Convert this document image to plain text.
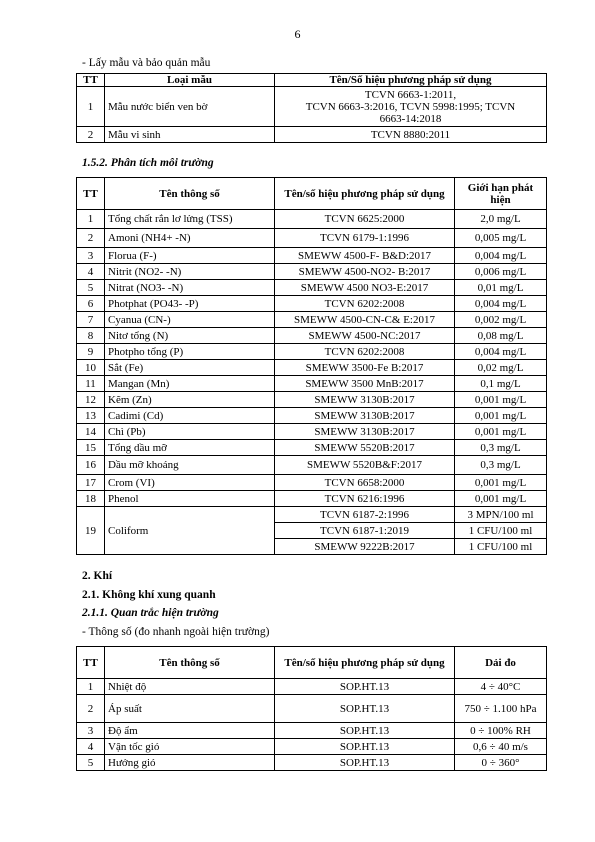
6
- Lấy mẫu và bảo quản mẫu
TT	Loại mẫu	Tên/Số hiệu phương pháp sử dụng
1	Mẫu nước biển ven bờ	TCVN 6663-1:2011,
TCVN 6663-3:2016, TCVN 5998:1995; TCVN
6663-14:2018

2	Mẫu vi sinh	TCVN 8880:2011
1.5.2. Phân tích môi trường
TT	Tên thông số	Tên/số hiệu phương pháp sử dụng	Giới hạn phát hiện
1	Tổng chất rắn lơ lửng (TSS)	TCVN 6625:2000	2,0 mg/L
2	Amoni (NH4+ -N)	TCVN 6179-1:1996	0,005 mg/L
3	Florua (F-)	SMEWW 4500-F- B&D:2017	0,004 mg/L
4	Nitrit (NO2- -N)	SMEWW 4500-NO2- B:2017	0,006 mg/L
5	Nitrat (NO3- -N)	SMEWW 4500 NO3-E:2017	0,01 mg/L
6	Photphat (PO43- -P)	TCVN 6202:2008	0,004 mg/L
7	Cyanua (CN-)	SMEWW 4500-CN-C& E:2017	0,002 mg/L
8	Nitơ tổng (N)	SMEWW 4500-NC:2017	0,08 mg/L
9	Photpho tổng (P)	TCVN 6202:2008	0,004 mg/L
10	Sắt (Fe)	SMEWW 3500-Fe B:2017	0,02 mg/L
11	Mangan (Mn)	SMEWW 3500 MnB:2017	0,1 mg/L
12	Kẽm (Zn)	SMEWW 3130B:2017	0,001 mg/L
13	Cadimi (Cd)	SMEWW 3130B:2017	0,001 mg/L
14	Chì (Pb)	SMEWW 3130B:2017	0,001 mg/L
15	Tổng dầu mỡ	SMEWW 5520B:2017	0,3 mg/L
16	Dầu mỡ khoáng	SMEWW 5520B&F:2017	0,3 mg/L
17	Crom (VI)	TCVN 6658:2000	0,001 mg/L
18	Phenol	TCVN 6216:1996	0,001 mg/L
19	Coliform	TCVN 6187-2:1996	3 MPN/100 ml
		TCVN 6187-1:2019	1 CFU/100 ml
		SMEWW 9222B:2017	1 CFU/100 ml
2. Khí
2.1. Không khí xung quanh
2.1.1. Quan trắc hiện trường
- Thông số (đo nhanh ngoài hiện trường)
TT	Tên thông số	Tên/số hiệu phương pháp sử dụng	Dải đo
1	Nhiệt độ	SOP.HT.13	4 ÷ 40°C
2	Áp suất	SOP.HT.13	750 ÷ 1.100 hPa
3	Độ ẩm	SOP.HT.13	0 ÷ 100% RH
4	Vận tốc gió	SOP.HT.13	0,6 ÷ 40 m/s
5	Hướng gió	SOP.HT.13	0 ÷ 360°
